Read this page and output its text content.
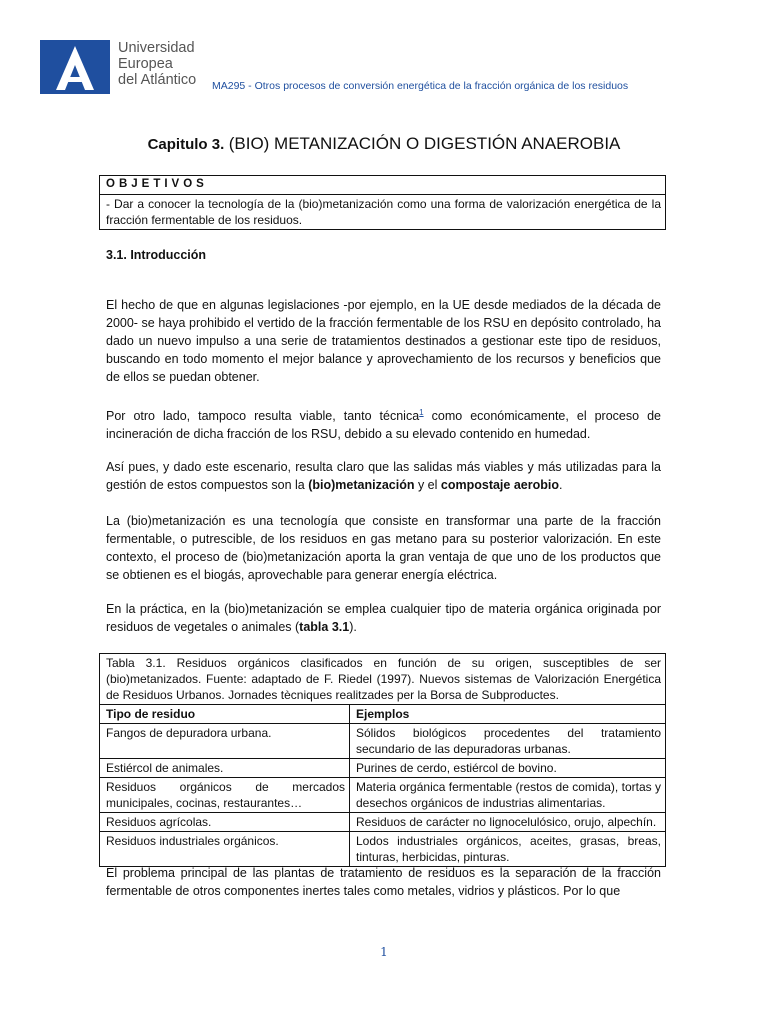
Universidad
Europea
del Atlántico MA295 - Otros procesos de conversión energética de la fracción orgánica de los residuos
Capitulo 3. (BIO) METANIZACIÓN O DIGESTIÓN ANAEROBIA
OBJETIVOS
- Dar a conocer la tecnología de la (bio)metanización como una forma de valorización energética de la fracción fermentable de los residuos.
3.1. Introducción

El hecho de que en algunas legislaciones -por ejemplo, en la UE desde mediados de la década de 2000- se haya prohibido el vertido de la fracción fermentable de los RSU en depósito controlado, ha dado un nuevo impulso a una serie de tratamientos destinados a gestionar este tipo de residuos, buscando en todo momento el mejor balance y aprovechamiento de los recursos y beneficios que de ellos se puedan obtener.

Por otro lado, tampoco resulta viable, tanto técnica$^1$ como económicamente, el proceso de incineración de dicha fracción de los RSU, debido a su elevado contenido en humedad.

Así pues, y dado este escenario, resulta claro que las salidas más viables y más utilizadas para la gestión de estos compuestos son la (bio)metanización y el compostaje aerobio.

La (bio)metanización es una tecnología que consiste en transformar una parte de la fracción fermentable, o putrescible, de los residuos en gas metano para su posterior valorización. En este contexto, el proceso de (bio)metanización aporta la gran ventaja de que uno de los productos que se obtienen es el biogás, aprovechable para generar energía eléctrica.

En la práctica, en la (bio)metanización se emplea cualquier tipo de materia orgánica originada por residuos de vegetales o animales (tabla 3.1).

Tabla 3.1. Residuos orgánicos clasificados en función de su origen, susceptibles de ser (bio)metanizados. Fuente: adaptado de F. Riedel (1997). Nuevos sistemas de Valorización Energética de Residuos Urbanos. Jornades tècniques realitzades per la Borsa de Subproductes.	
Tipo de residuo	Ejemplos
Fangos de depuradora urbana.	Sólidos biológicos procedentes del tratamiento secundario de las depuradoras urbanas.
Estiércol de animales.	Purines de cerdo, estiércol de bovino.
Residuos orgánicos de mercados municipales, cocinas, restaurantes…	Materia orgánica fermentable (restos de comida), tortas y desechos orgánicos de industrias alimentarias.
Residuos agrícolas.	Residuos de carácter no lignocelulósico, orujo, alpechín.
Residuos industriales orgánicos.	Lodos industriales orgánicos, aceites, grasas, breas, tinturas, herbicidas, pinturas.

El problema principal de las plantas de tratamiento de residuos es la separación de la fracción fermentable de otros componentes inertes tales como metales, vidrios y plásticos. Por lo que

1
